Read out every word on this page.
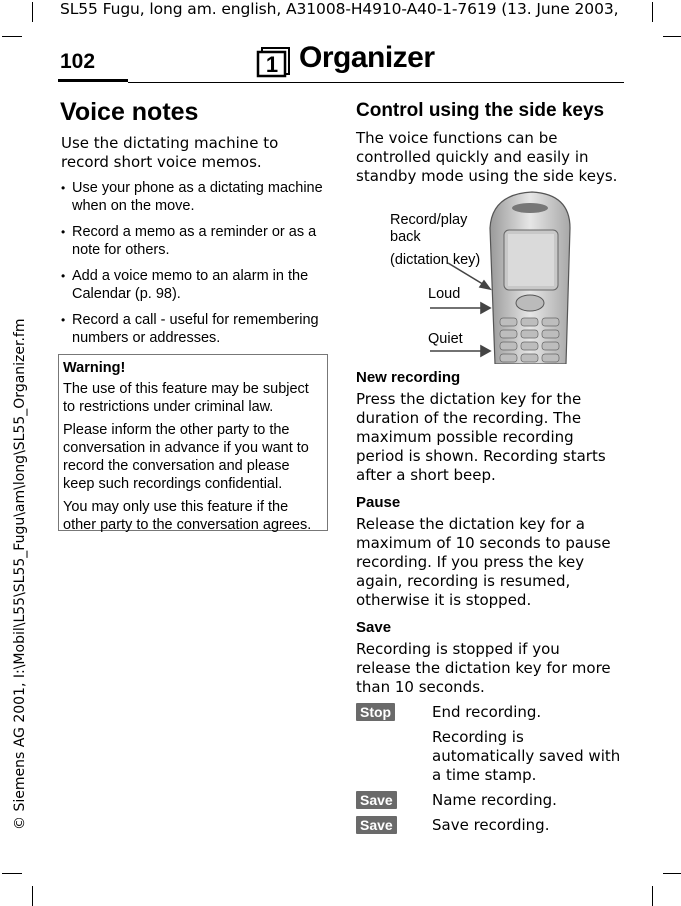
SL55 Fugu, long am. english, A31008-H4910-A40-1-7619 (13. June 2003,
© Siemens AG 2001, I:\Mobil\L55\SL55_Fugu\am\long\SL55_Organizer.fm
102	1 Organizer
Voice notes
Use the dictating machine to record short voice memos.
• Use your phone as a dictating machine when on the move.
• Record a memo as a reminder or as a note for others.
• Add a voice memo to an alarm in the Calendar (p. 98).
• Record a call - useful for remembering numbers or addresses.

Warning!

The use of this feature may be subject to restrictions under criminal law.

Please inform the other party to the conversation in advance if you want to record the conversation and please keep such recordings confidential.

You may only use this feature if the other party to the conversation agrees.

Control using the side keys
The voice functions can be controlled quickly and easily in standby mode using the side keys.
Record/play
back
(dictation key)
Loud
Quiet
New recording
Press the dictation key for the duration of the recording. The maximum possible recording period is shown. Recording starts after a short beep.
Pause
Release the dictation key for a maximum of 10 seconds to pause recording. If you press the key again, recording is resumed, otherwise it is stopped.
Save
Recording is stopped if you release the dictation key for more than 10 seconds.
Stop	End recording.
Recording is automatically saved with a time stamp.
Save	Name recording.
Save	Save recording.
